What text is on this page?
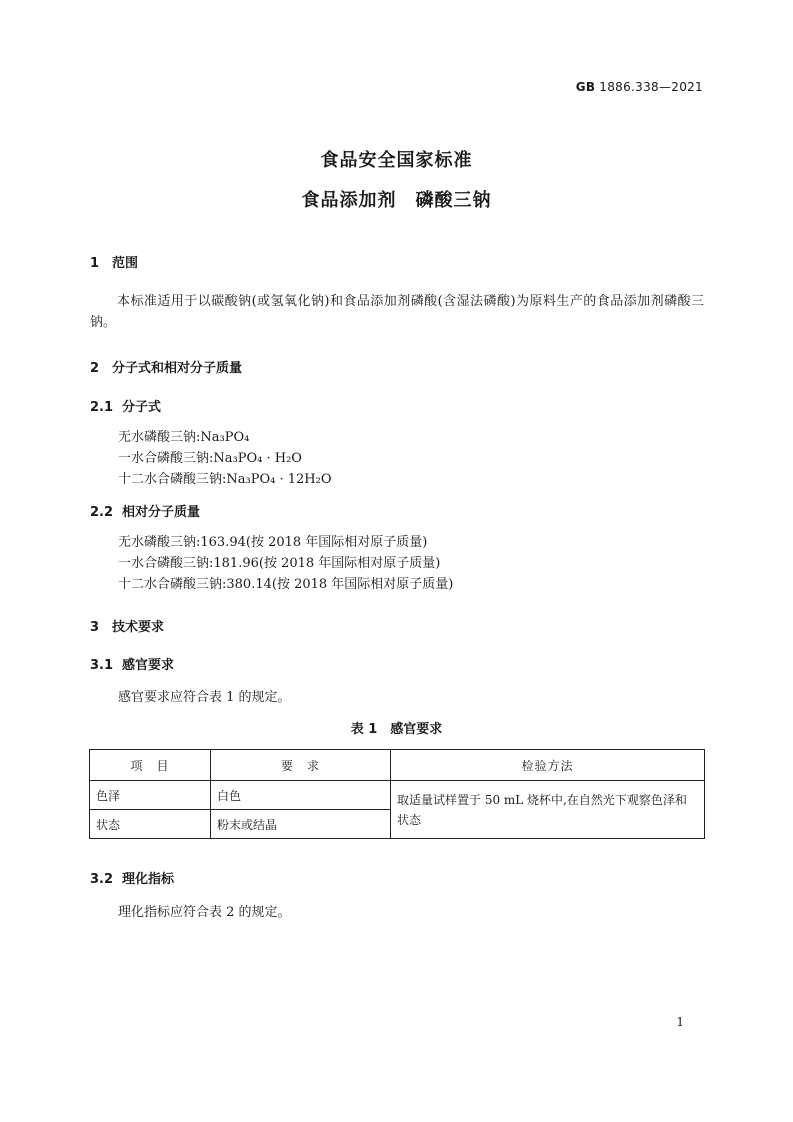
GB 1886.338—2021
食品安全国家标准
食品添加剂　磷酸三钠
1 范围
本标准适用于以碳酸钠(或氢氧化钠)和食品添加剂磷酸(含湿法磷酸)为原料生产的食品添加剂磷酸三钠。
2 分子式和相对分子质量
2.1 分子式
无水磷酸三钠:Na₃PO₄
一水合磷酸三钠:Na₃PO₄ · H₂O
十二水合磷酸三钠:Na₃PO₄ · 12H₂O
2.2 相对分子质量
无水磷酸三钠:163.94(按 2018 年国际相对原子质量)
一水合磷酸三钠:181.96(按 2018 年国际相对原子质量)
十二水合磷酸三钠:380.14(按 2018 年国际相对原子质量)
3 技术要求
3.1 感官要求
感官要求应符合表 1 的规定。
表 1　感官要求
项　目	要　求	检验方法
色泽	白色	取适量试样置于 50 mL 烧杯中,在自然光下观察色泽和状态
状态	粉末或结晶	
3.2 理化指标
理化指标应符合表 2 的规定。
1
